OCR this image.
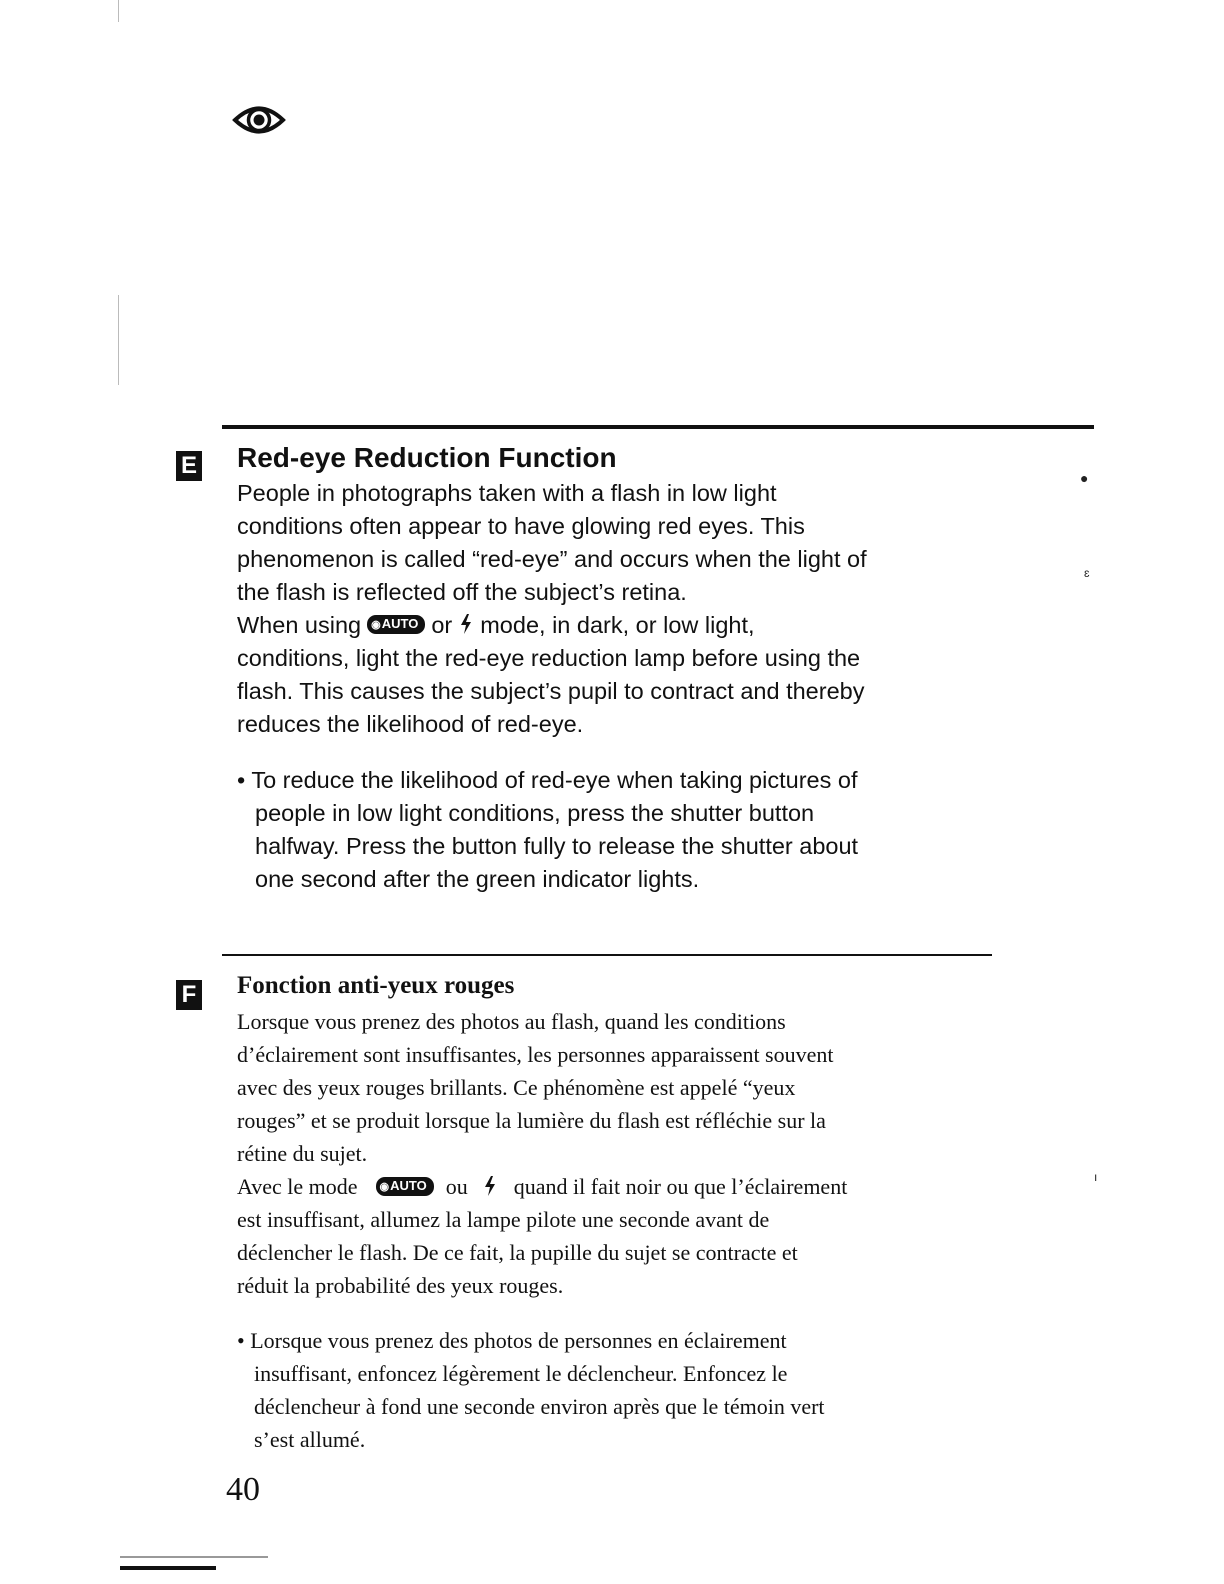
●
ɛ
ı
E Red-eye Reduction Function
People in photographs taken with a flash in low light
conditions often appear to have glowing red eyes. This
phenomenon is called “red-eye” and occurs when the light of
the flash is reflected off the subject’s retina.
When using ◉AUTO or mode, in dark, or low light,
conditions, light the red-eye reduction lamp before using the
flash. This causes the subject’s pupil to contract and thereby
reduces the likelihood of red-eye.
• To reduce the likelihood of red-eye when taking pictures of
people in low light conditions, press the shutter button
halfway. Press the button fully to release the shutter about
one second after the green indicator lights.
F Fonction anti-yeux rouges
Lorsque vous prenez des photos au flash, quand les conditions
d’éclairement sont insuffisantes, les personnes apparaissent souvent
avec des yeux rouges brillants. Ce phénomène est appelé “yeux
rouges” et se produit lorsque la lumière du flash est réfléchie sur la
rétine du sujet.
Avec le mode ◉AUTO ou quand il fait noir ou que l’éclairement
est insuffisant, allumez la lampe pilote une seconde avant de
déclencher le flash. De ce fait, la pupille du sujet se contracte et
réduit la probabilité des yeux rouges.
• Lorsque vous prenez des photos de personnes en éclairement
insuffisant, enfoncez légèrement le déclencheur. Enfoncez le
déclencheur à fond une seconde environ après que le témoin vert
s’est allumé.
40
